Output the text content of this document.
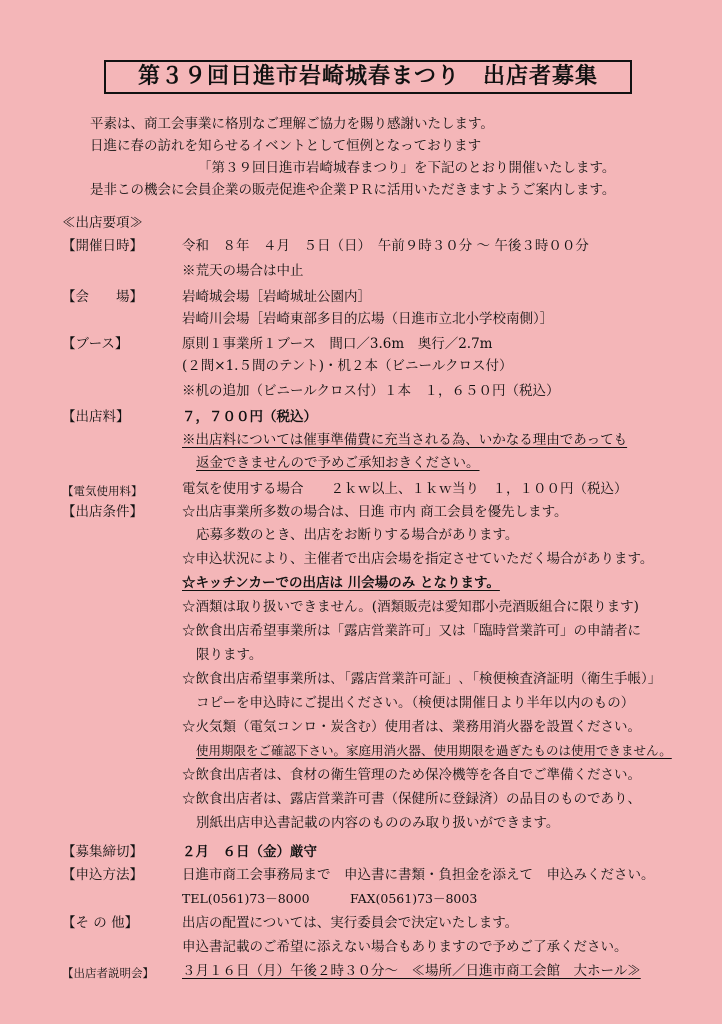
第３９回日進市岩崎城春まつり　出店者募集
平素は、商工会事業に格別なご理解ご協力を賜り感謝いたします。
日進に春の訪れを知らせるイベントとして恒例となっております
「第３９回日進市岩崎城春まつり」を下記のとおり開催いたします。
是非この機会に会員企業の販売促進や企業ＰＲに活用いただきますようご案内します。
≪出店要項≫
【開催日時】	令和　８年　４月　５日（日）　午前９時３０分 〜 午後３時００分
※荒天の場合は中止
【会　　場】	岩崎城会場［岩崎城址公園内］
岩崎川会場［岩崎東部多目的広場（日進市立北小学校南側）］
【ブース】	原則１事業所１ブース　間口／3.6m　奥行／2.7m
(２間×1.５間のテント)・机２本（ビニールクロス付）
※机の追加（ビニールクロス付）１本　１，６５０円（税込）
【出店料】	７，７００円（税込）
※出店料については催事準備費に充当される為、いかなる理由であっても
返金できませんので予めご承知おきください。
【電気使用料】	電気を使用する場合　　２ｋｗ以上、１ｋｗ当り　１，１００円（税込）
【出店条件】	☆出店事業所多数の場合は、日進 市内 商工会員を優先します。
応募多数のとき、出店をお断りする場合があります。
☆申込状況により、主催者で出店会場を指定させていただく場合があります。
☆キッチンカーでの出店は 川会場のみ となります。
☆酒類は取り扱いできません。(酒類販売は愛知郡小売酒販組合に限ります)
☆飲食出店希望事業所は「露店営業許可」又は「臨時営業許可」の申請者に
限ります。
☆飲食出店希望事業所は､「露店営業許可証」､「検便検査済証明（衛生手帳）」
コピーを申込時にご提出ください。（検便は開催日より半年以内のもの）
☆火気類（電気コンロ・炭含む）使用者は、業務用消火器を設置ください。
使用期限をご確認下さい。家庭用消火器、使用期限を過ぎたものは使用できません。
☆飲食出店者は、食材の衛生管理のため保冷機等を各自でご準備ください。
☆飲食出店者は、露店営業許可書（保健所に登録済）の品目のものであり、
別紙出店申込書記載の内容のもののみ取り扱いができます。
【募集締切】	２月　６日（金）厳守
【申込方法】	日進市商工会事務局まで　申込書に書類・負担金を添えて　申込みください。
TEL(0561)73－8000	FAX(0561)73－8003
【そ の 他】	出店の配置については、実行委員会で決定いたします。
申込書記載のご希望に添えない場合もありますので予めご了承ください。
【出店者説明会】 ３月１６日（月）午後２時３０分〜　≪場所／日進市商工会館　大ホール≫
